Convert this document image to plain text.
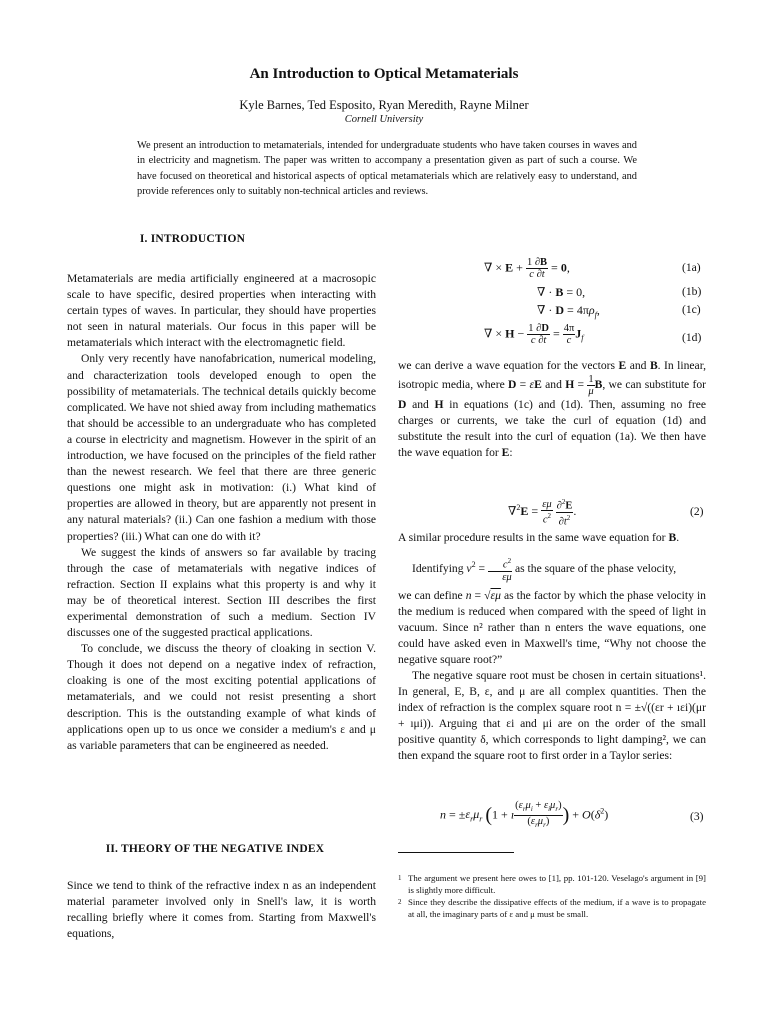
An Introduction to Optical Metamaterials
Kyle Barnes, Ted Esposito, Ryan Meredith, Rayne Milner
Cornell University
We present an introduction to metamaterials, intended for undergraduate students who have taken courses in waves and in electricity and magnetism. The paper was written to accompany a presentation given as part of such a course. We have focused on theoretical and historical aspects of optical metamaterials which are relatively easy to understand, and provide references only to suitably non-technical articles and reviews.
I. INTRODUCTION

Metamaterials are media artificially engineered at a macrosopic scale to have specific, desired properties when interacting with certain types of waves. In particular, they should have properties not seen in natural materials. Our focus in this paper will be metamaterials which interact with the electromagnetic field.

Only very recently have nanofabrication, numerical modeling, and characterization tools developed enough to open the possibility of metamaterials. The technical details quickly become complicated. We have not shied away from including mathematics that should be accessible to an undergraduate who has completed a course in electricity and magnetism. However in the spirit of an introduction, we have focused on the principles of the field rather than the newest research. We feel that there are three generic questions one might ask in motivation: (i.) What kind of properties are allowed in theory, but are apparently not present in any natural materials? (ii.) Can one fashion a medium with those properties? (iii.) What can one do with it?

We suggest the kinds of answers so far available by tracing through the case of metamaterials with negative indices of refraction. Section II explains what this property is and why it may be of theoretical interest. Section III describes the first experimental demonstration of such a medium. Section IV discusses one of the suggested practical applications.

To conclude, we discuss the theory of cloaking in section V. Though it does not depend on a negative index of refraction, cloaking is one of the most exciting potential applications of metamaterials, and we could not resist presenting a short description. This is the outstanding example of what kinds of applications open up to us once we consider a medium's ε and μ as variable parameters that can be engineered as needed.

II. THEORY OF THE NEGATIVE INDEX
Since we tend to think of the refractive index n as an independent material parameter involved only in Snell's law, it is worth recalling briefly where it comes from. Starting from Maxwell's equations,
∇ × $E + \frac{1 \partial B}{c \partial t} = 0$,	(1a)
∇ · B = 0,	(1b)
∇ · $D = 4\pi\rho_f$,	(1c)
∇ × $H - \frac{1 \partial D}{c \partial t} = \frac{4\pi}{c} J_f$	(1d)

we can derive a wave equation for the vectors E and B. In linear, isotropic media, where D = εE and $H = \frac{1}{\mu} B$, we can substitute for D and H in equations (1c) and (1d). Then, assuming no free charges or currents, we take the curl of equation (1d) and substitute the result into the curl of equation (1a). We then have the wave equation for E:

$\nabla^2E = \frac{\varepsilon\mu}{c^2}$
$\frac{\partial^2E}{\partial t^2}$ .	(2)

A similar procedure results in the same wave equation for B.

Identifying $v^2 = \frac{c^2}{\varepsilon\mu}$ as the square of the phase velocity,

we can define n = √εμ as the factor by which the phase velocity in the medium is reduced when compared with the speed of light in vacuum. Since n² rather than n enters the wave equations, one could have asked even in Maxwell's time, “Why not choose the negative square root?”

The negative square root must be chosen in certain situations¹. In general, E, B, ε, and μ are all complex quantities. Then the index of refraction is the complex square root n = ±√((εr + ıεi)(μr + ıμi)). Arguing that εi and μi are on the order of the small positive quantity δ, which corresponds to light damping², we can then expand the square root to first order in a Taylor series:
$n = \pm\varepsilon_r\mu_r$ (1 + ı $\frac{(\varepsilon_r\mu_i + \varepsilon_i\mu_r)}{(\varepsilon_r\mu_r)}$ ) + $O(\delta^2)$	(3)
1 The argument we present here owes to [1], pp. 101-120. Veselago's argument in [9] is slightly more difficult.
2 Since they describe the dissipative effects of the medium, if a wave is to propagate at all, the imaginary parts of ε and μ must be small.
